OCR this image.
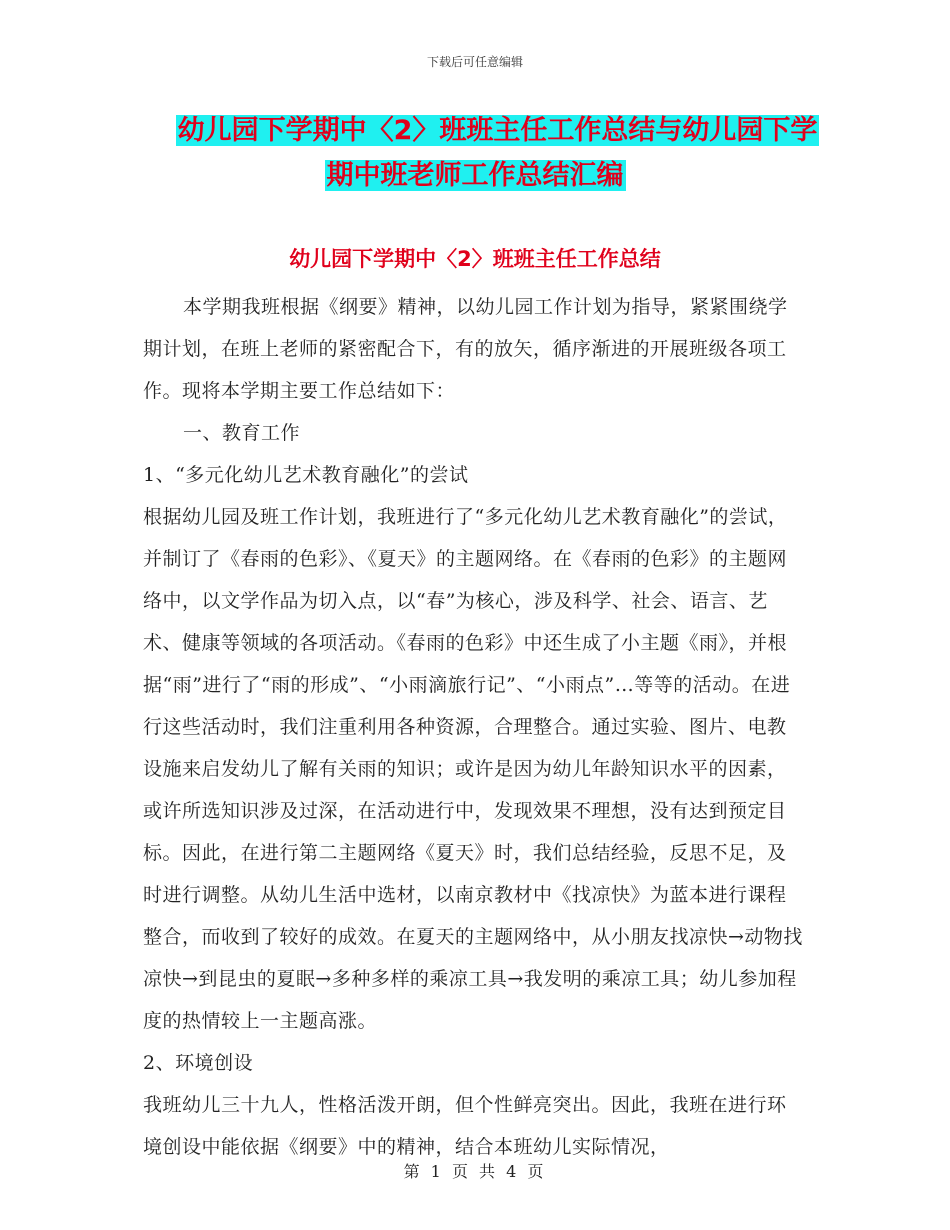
下载后可任意编辑
幼儿园下学期中〈2〉班班主任工作总结与幼儿园下学
期中班老师工作总结汇编
幼儿园下学期中〈2〉班班主任工作总结

本学期我班根据《纲要》精神，以幼儿园工作计划为指导，紧紧围绕学期计划，在班上老师的紧密配合下，有的放矢，循序渐进的开展班级各项工作。现将本学期主要工作总结如下：

一、教育工作

1、“多元化幼儿艺术教育融化”的尝试

根据幼儿园及班工作计划，我班进行了“多元化幼儿艺术教育融化”的尝试，并制订了《春雨的色彩》、《夏天》的主题网络。在《春雨的色彩》的主题网络中，以文学作品为切入点，以“春”为核心，涉及科学、社会、语言、艺术、健康等领域的各项活动。《春雨的色彩》中还生成了小主题《雨》，并根据“雨”进行了“雨的形成”、“小雨滴旅行记”、“小雨点”…等等的活动。在进行这些活动时，我们注重利用各种资源，合理整合。通过实验、图片、电教设施来启发幼儿了解有关雨的知识；或许是因为幼儿年龄知识水平的因素，或许所选知识涉及过深，在活动进行中，发现效果不理想，没有达到预定目标。因此，在进行第二主题网络《夏天》时，我们总结经验，反思不足，及时进行调整。从幼儿生活中选材，以南京教材中《找凉快》为蓝本进行课程整合，而收到了较好的成效。在夏天的主题网络中，从小朋友找凉快→动物找凉快→到昆虫的夏眠→多种多样的乘凉工具→我发明的乘凉工具；幼儿参加程度的热情较上一主题高涨。

2、环境创设

我班幼儿三十九人，性格活泼开朗，但个性鲜亮突出。因此，我班在进行环境创设中能依据《纲要》中的精神，结合本班幼儿实际情况，

第 1 页 共 4 页
